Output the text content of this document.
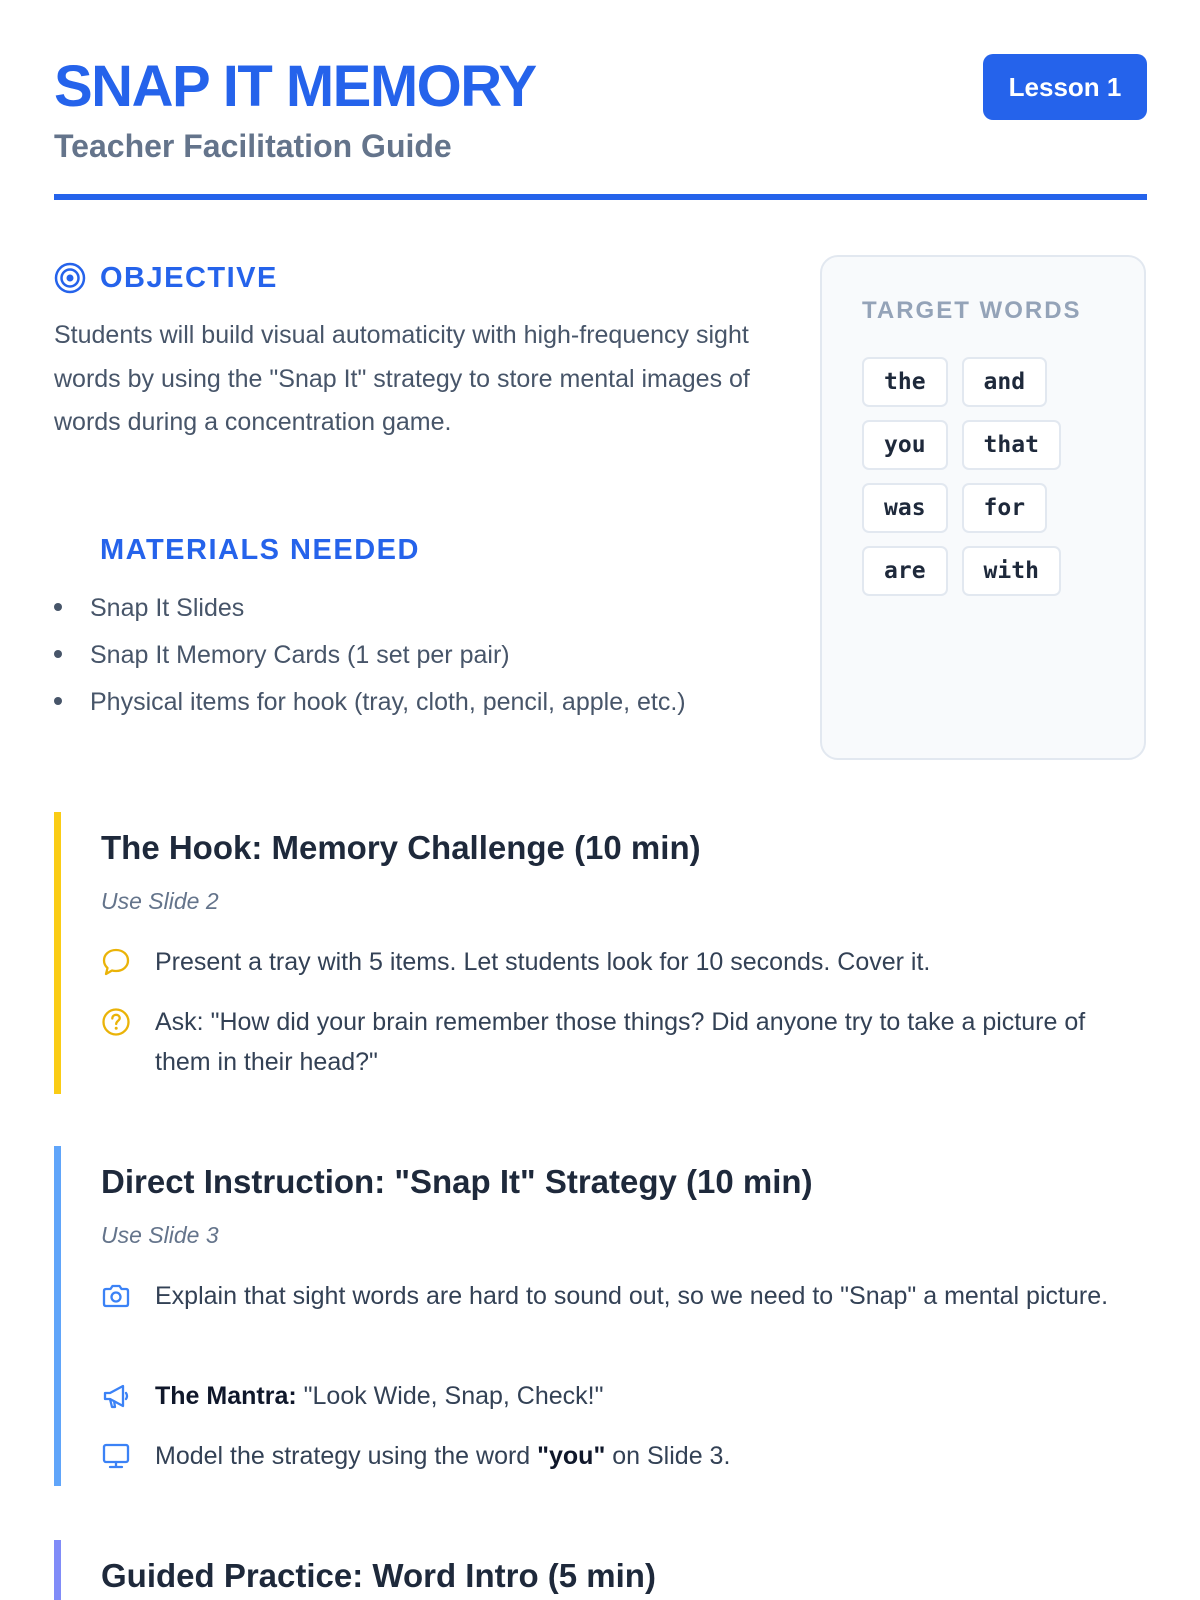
SNAP IT MEMORY
Teacher Facilitation Guide
Lesson 1
OBJECTIVE
Students will build visual automaticity with high-frequency sight words by using the "Snap It" strategy to store mental images of words during a concentration game.
MATERIALS NEEDED
Snap It Slides
Snap It Memory Cards (1 set per pair)
Physical items for hook (tray, cloth, pencil, apple, etc.)
TARGET WORDS
the	and
you	that
was	for
are	with
The Hook: Memory Challenge (10 min)
Use Slide 2
Present a tray with 5 items. Let students look for 10 seconds. Cover it.
Ask: "How did your brain remember those things? Did anyone try to take a picture of them in their head?"
Direct Instruction: "Snap It" Strategy (10 min)
Use Slide 3
Explain that sight words are hard to sound out, so we need to "Snap" a mental picture.
The Mantra: "Look Wide, Snap, Check!"
Model the strategy using the word "you" on Slide 3.
Guided Practice: Word Intro (5 min)
